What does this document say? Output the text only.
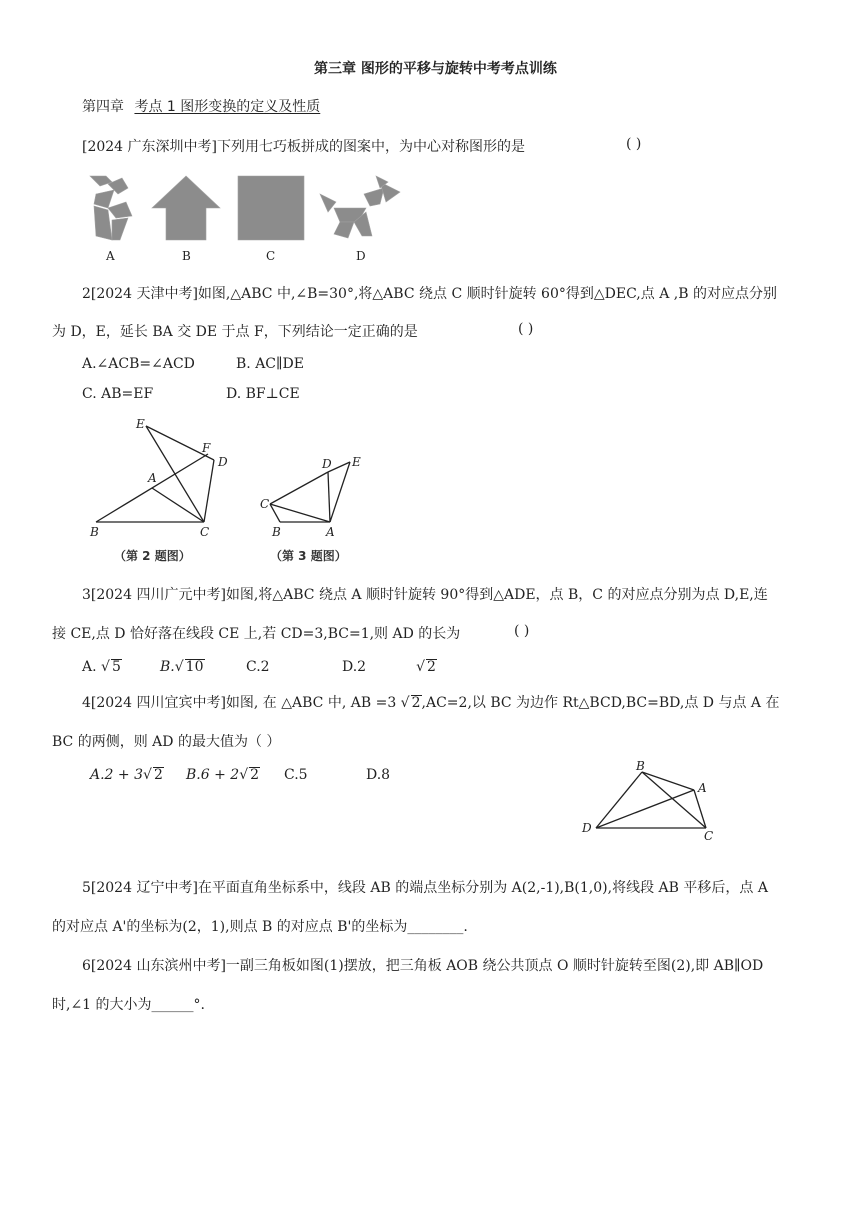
第三章 图形的平移与旋转中考考点训练
第四章 考点 1 图形变换的定义及性质
[2024 广东深圳中考]下列用七巧板拼成的图案中，为中心对称图形的是	( )
A	B	C	D
2[2024 天津中考]如图,△ABC 中,∠B=30°,将△ABC 绕点 C 顺时针旋转 60°得到△DEC,点 A ,B 的对应点分别
为 D，E，延长 BA 交 DE 于点 F，下列结论一定正确的是	( )
A.∠ACB=∠ACD	B. AC∥DE
C. AB=EF	D. BF⊥CE
E
F
D
A
B	C
（第 2 题图）
D E
C
B	A
（第 3 题图）
3[2024 四川广元中考]如图,将△ABC 绕点 A 顺时针旋转 90°得到△ADE，点 B，C 的对应点分别为点 D,E,连
接 CE,点 D 恰好落在线段 CE 上,若 CD=3,BC=1,则 AD 的长为	( )
A. √ 5	B.√ 10	C.2	D.2	√ 2
4[2024 四川宜宾中考]如图, 在 △ABC 中, AB =3 √ 2,AC=2,以 BC 为边作 Rt△BCD,BC=BD,点 D 与点 A 在
BC 的两侧，则 AD 的最大值为（ ）
A.2 + 3√ 2 B.6 + 2√ 2 C.5	D.8
B
A
D
C
5[2024 辽宁中考]在平面直角坐标系中，线段 AB 的端点坐标分别为 A(2,-1),B(1,0),将线段 AB 平移后，点 A
的对应点 A'的坐标为(2，1),则点 B 的对应点 B'的坐标为________.
6[2024 山东滨州中考]一副三角板如图(1)摆放，把三角板 AOB 绕公共顶点 O 顺时针旋转至图(2),即 AB∥OD
时,∠1 的大小为______°.
